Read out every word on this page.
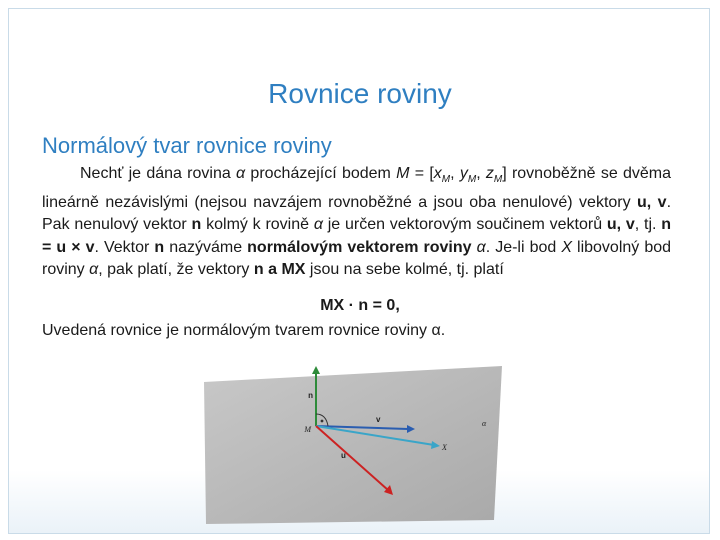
Rovnice roviny
Normálový tvar rovnice roviny
Nechť je dána rovina α procházející bodem $M = [x_M$, $y_M$, $z_M$] rovnoběžně se dvěma lineárně nezávislými (nejsou navzájem rovnoběžné a jsou oba nenulové) vektory u, v. Pak nenulový vektor n kolmý k rovině α je určen vektorovým součinem vektorů u, v, tj. n = u × v. Vektor n nazýváme normálovým vektorem roviny α. Je-li bod X libovolný bod roviny α, pak platí, že vektory n a MX jsou na sebe kolmé, tj. platí
MX · n = 0,
Uvedená rovnice je normálovým tvarem rovnice roviny α.
n
v
M
X
u
α
